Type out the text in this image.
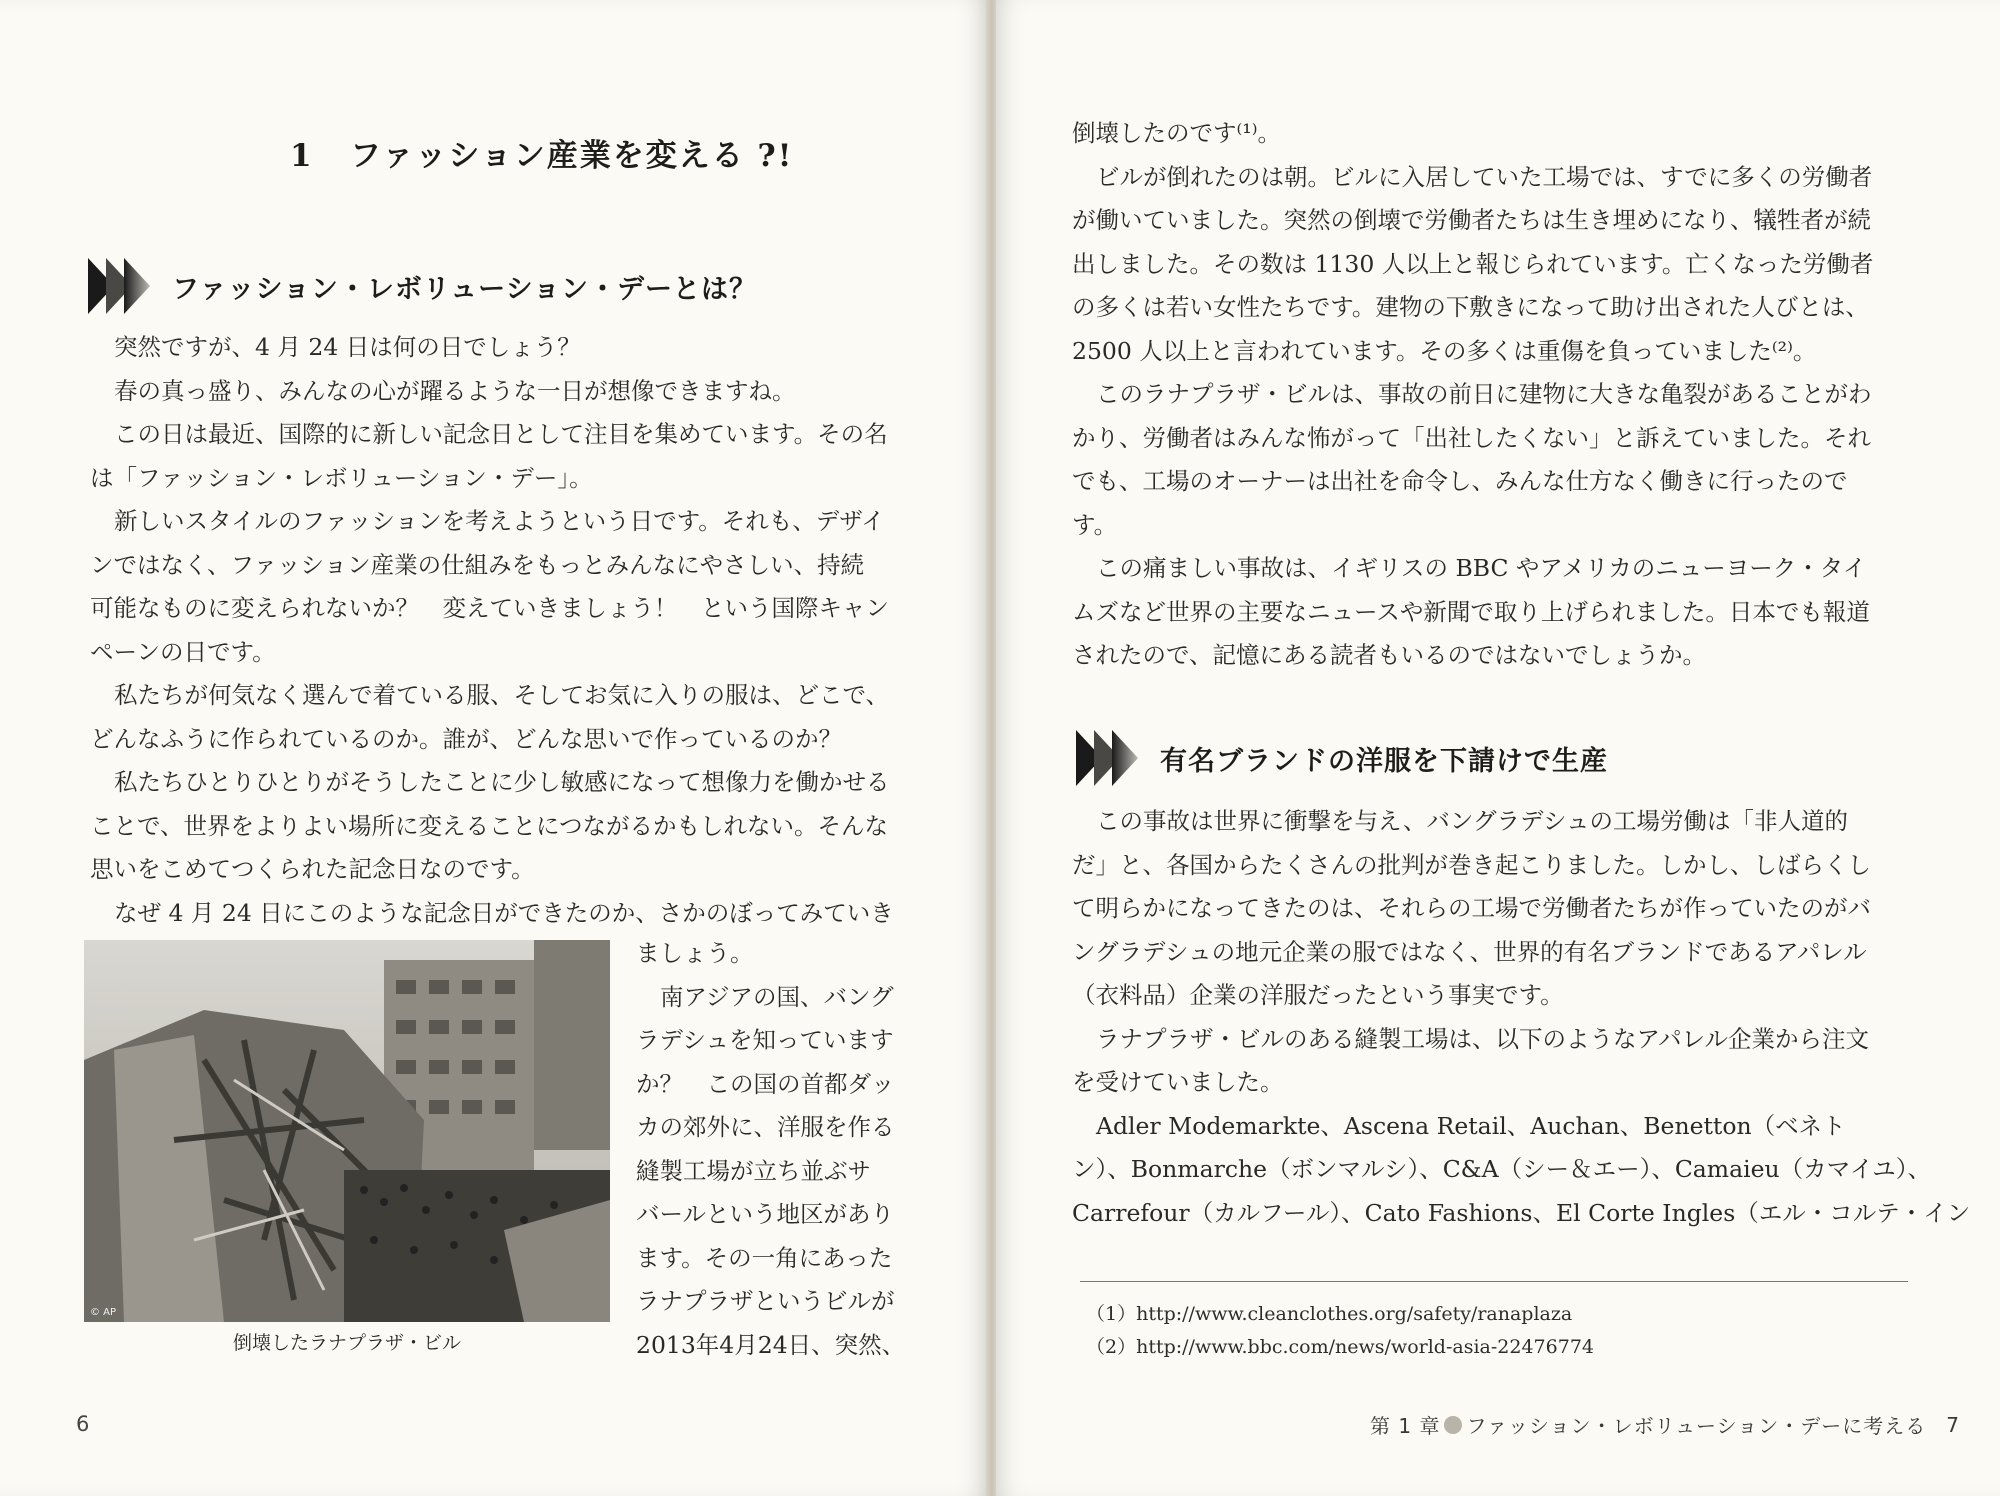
1 ファッション産業を変える ?!
ファッション・レボリューション・デーとは？

突然ですが、4 月 24 日は何の日でしょう？

春の真っ盛り、みんなの心が躍るような一日が想像できますね。

この日は最近、国際的に新しい記念日として注目を集めています。その名

は「ファッション・レボリューション・デー」。

新しいスタイルのファッションを考えようという日です。それも、デザイ

ンではなく、ファッション産業の仕組みをもっとみんなにやさしい、持続

可能なものに変えられないか？　変えていきましょう！　という国際キャン

ペーンの日です。

私たちが何気なく選んで着ている服、そしてお気に入りの服は、どこで、

どんなふうに作られているのか。誰が、どんな思いで作っているのか？

私たちひとりひとりがそうしたことに少し敏感になって想像力を働かせる

ことで、世界をよりよい場所に変えることにつながるかもしれない。そんな

思いをこめてつくられた記念日なのです。

なぜ 4 月 24 日にこのような記念日ができたのか、さかのぼってみていき

© AP
倒壊したラナプラザ・ビル

ましょう。

南アジアの国、バング

ラデシュを知っています

か？　この国の首都ダッ

カの郊外に、洋服を作る

縫製工場が立ち並ぶサ

バールという地区があり

ます。その一角にあった

ラナプラザというビルが

2013年4月24日、突然、

6

倒壊したのです⁽¹⁾。

ビルが倒れたのは朝。ビルに入居していた工場では、すでに多くの労働者

が働いていました。突然の倒壊で労働者たちは生き埋めになり、犠牲者が続

出しました。その数は 1130 人以上と報じられています。亡くなった労働者

の多くは若い女性たちです。建物の下敷きになって助け出された人びとは、

2500 人以上と言われています。その多くは重傷を負っていました⁽²⁾。

このラナプラザ・ビルは、事故の前日に建物に大きな亀裂があることがわ

かり、労働者はみんな怖がって「出社したくない」と訴えていました。それ

でも、工場のオーナーは出社を命令し、みんな仕方なく働きに行ったので

す。

この痛ましい事故は、イギリスの BBC やアメリカのニューヨーク・タイ

ムズなど世界の主要なニュースや新聞で取り上げられました。日本でも報道

されたので、記憶にある読者もいるのではないでしょうか。

有名ブランドの洋服を下請けで生産

この事故は世界に衝撃を与え、バングラデシュの工場労働は「非人道的

だ」と、各国からたくさんの批判が巻き起こりました。しかし、しばらくし

て明らかになってきたのは、それらの工場で労働者たちが作っていたのがバ

ングラデシュの地元企業の服ではなく、世界的有名ブランドであるアパレル

（衣料品）企業の洋服だったという事実です。

ラナプラザ・ビルのある縫製工場は、以下のようなアパレル企業から注文

を受けていました。

Adler Modemarkte、Ascena Retail、Auchan、Benetton（ベネト

ン）、Bonmarche（ボンマルシ）、C&A（シー＆エー）、Camaieu（カマイユ）、

Carrefour（カルフール）、Cato Fashions、El Corte Ingles（エル・コルテ・イン

（1）http://www.cleanclothes.org/safety/ranaplaza

（2）http://www.bbc.com/news/world-asia-22476774

第 1 章 ファッション・レボリューション・デーに考える 7
